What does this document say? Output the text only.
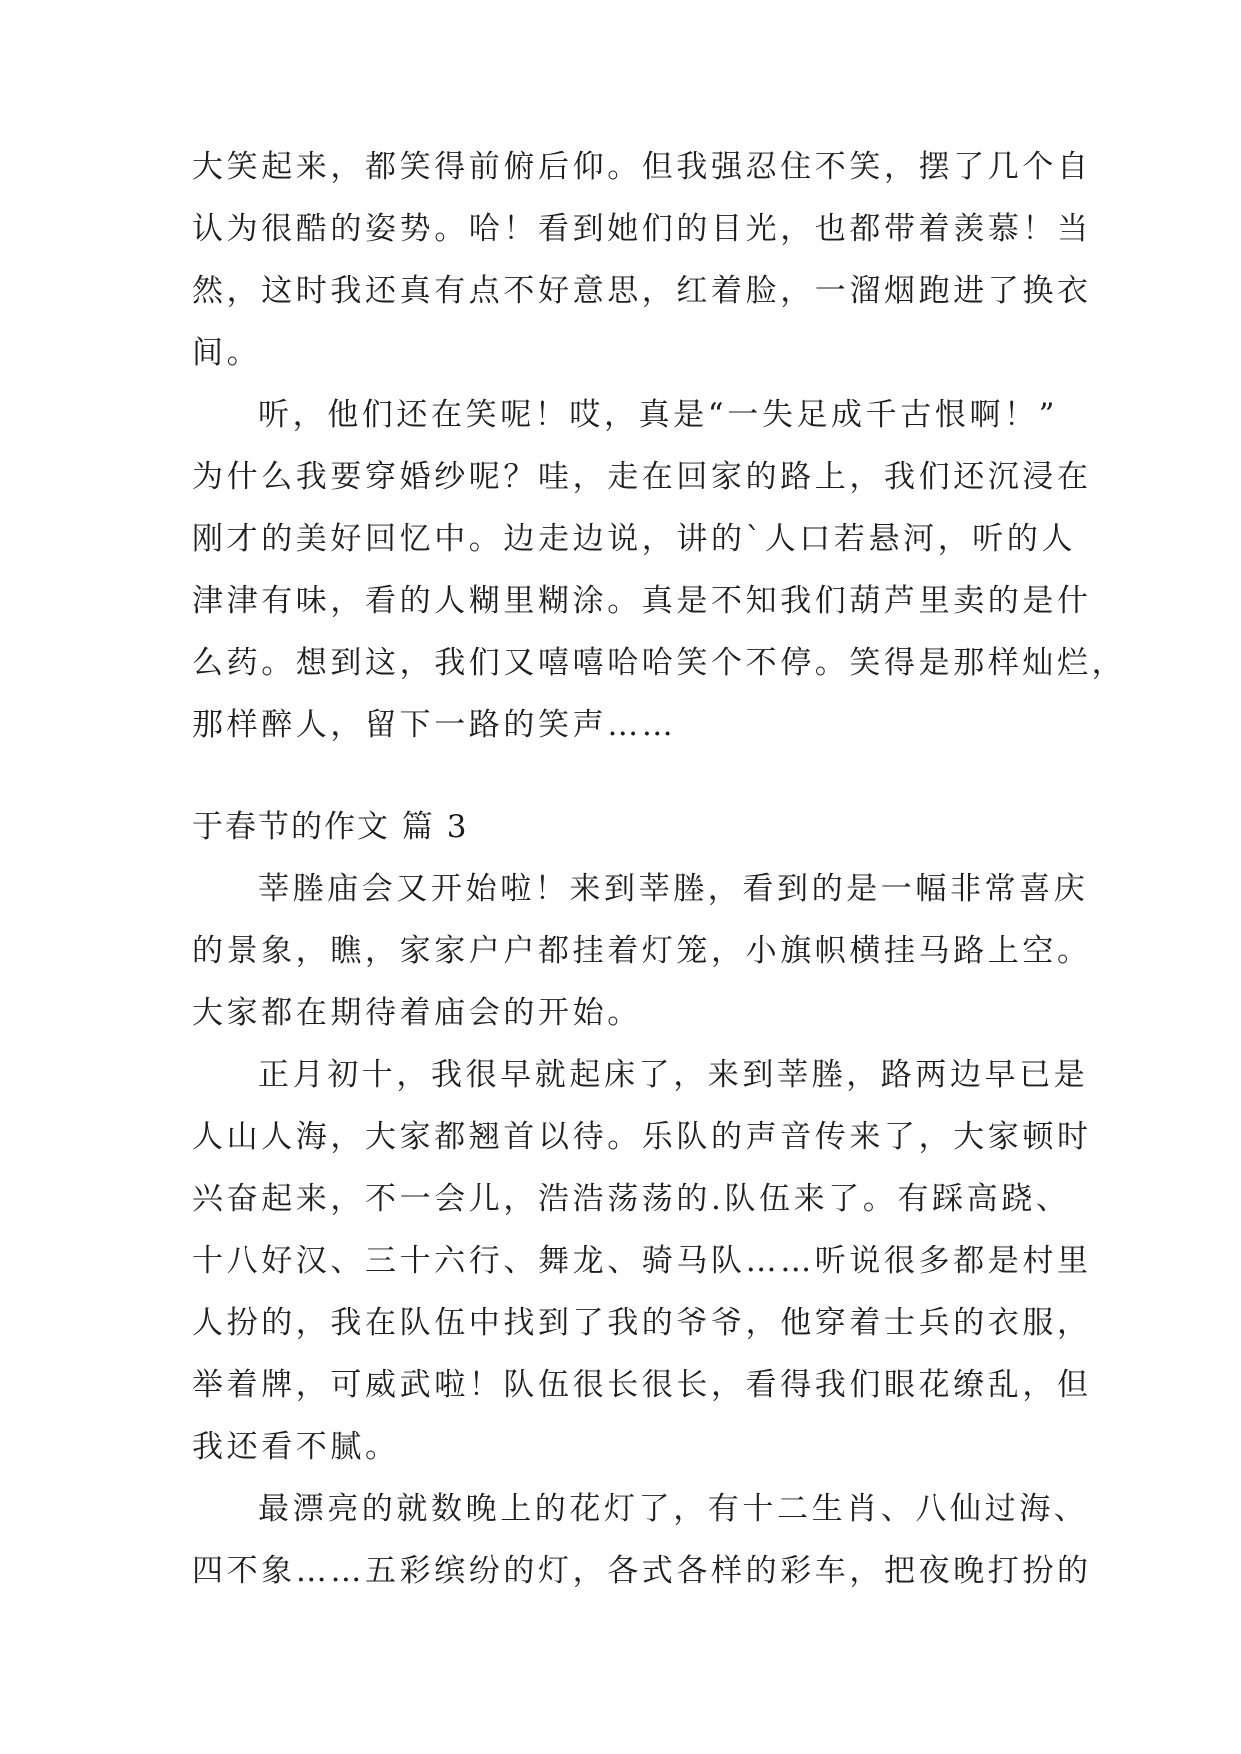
大笑起来，都笑得前俯后仰。但我强忍住不笑，摆了几个自
认为很酷的姿势。哈！看到她们的目光，也都带着羡慕！当
然，这时我还真有点不好意思，红着脸，一溜烟跑进了换衣
间。
听，他们还在笑呢！哎，真是“一失足成千古恨啊！”
为什么我要穿婚纱呢？哇，走在回家的路上，我们还沉浸在
刚才的美好回忆中。边走边说，讲的`人口若悬河，听的人
津津有味，看的人糊里糊涂。真是不知我们葫芦里卖的是什
么药。想到这，我们又嘻嘻哈哈笑个不停。笑得是那样灿烂，
那样醉人，留下一路的笑声……
于春节的作文 篇 3
莘塍庙会又开始啦！来到莘塍，看到的是一幅非常喜庆
的景象，瞧，家家户户都挂着灯笼，小旗帜横挂马路上空。
大家都在期待着庙会的开始。
正月初十，我很早就起床了，来到莘塍，路两边早已是
人山人海，大家都翘首以待。乐队的声音传来了，大家顿时
兴奋起来，不一会儿，浩浩荡荡的.队伍来了。有踩高跷、
十八好汉、三十六行、舞龙、骑马队……听说很多都是村里
人扮的，我在队伍中找到了我的爷爷，他穿着士兵的衣服，
举着牌，可威武啦！队伍很长很长，看得我们眼花缭乱，但
我还看不腻。
最漂亮的就数晚上的花灯了，有十二生肖、八仙过海、
四不象……五彩缤纷的灯，各式各样的彩车，把夜晚打扮的
